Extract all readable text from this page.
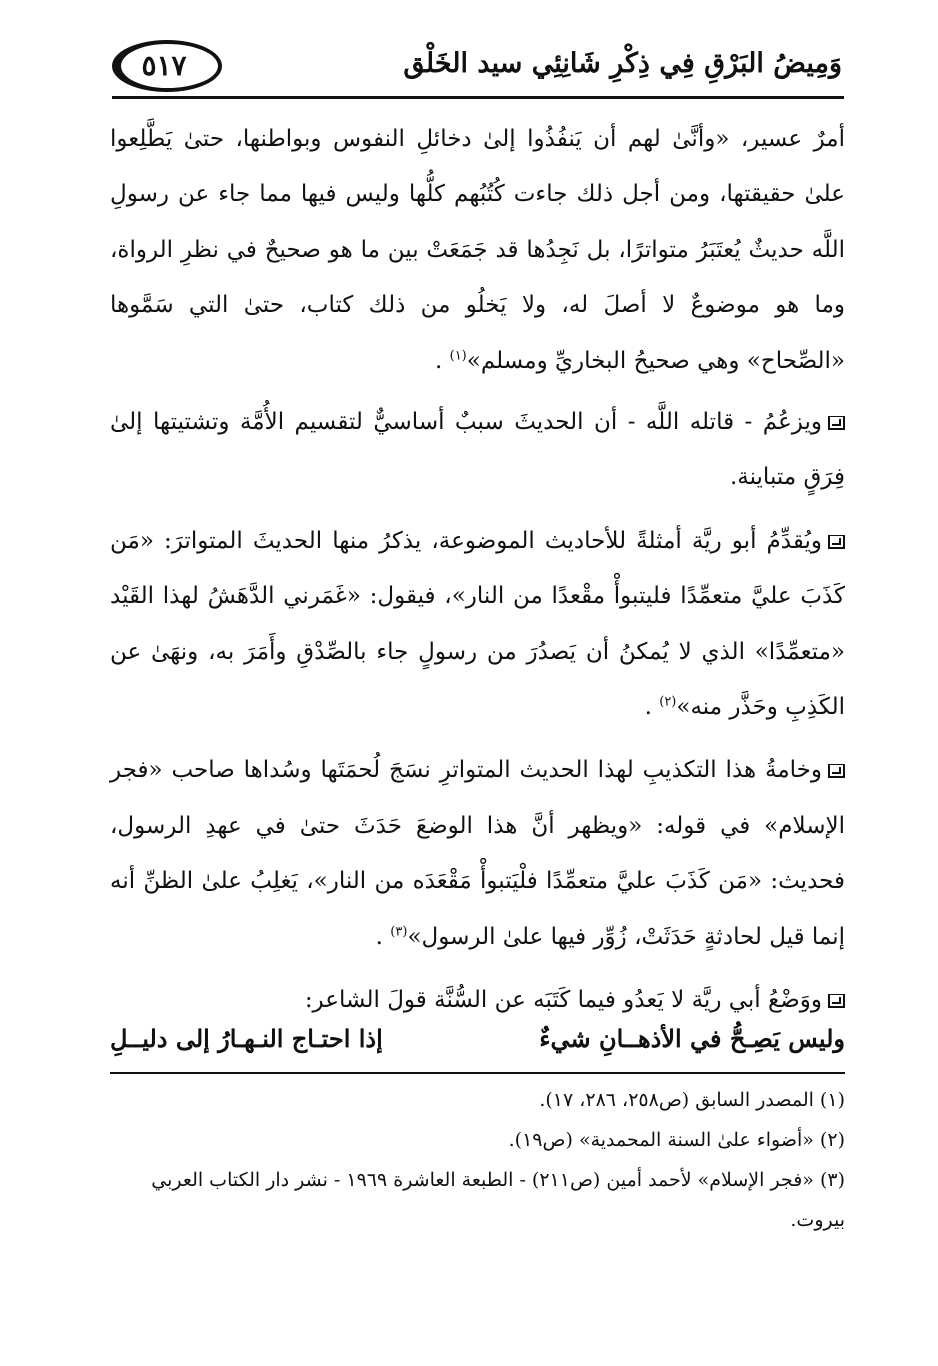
وَمِيضُ البَرْقِ فِي ذِكْرِ شَانِئِي سيد الخَلْق
٥١٧

أمرٌ عسير، «وأنَّىٰ لهم أن يَنفُذُوا إلىٰ دخائلِ النفوس وبواطنها، حتىٰ يَطَّلِعوا علىٰ حقيقتها، ومن أجل ذلك جاءت كُتُبُهم كلُّها وليس فيها مما جاء عن رسولِ اللَّه حديثٌ يُعتَبَرُ متواترًا، بل نَجِدُها قد جَمَعَتْ بين ما هو صحيحٌ في نظرِ الرواة، وما هو موضوعٌ لا أصلَ له، ولا يَخلُو من ذلك كتاب، حتىٰ التي سَمَّوها «الصِّحاح» وهي صحيحُ البخاريِّ ومسلم»$^{(١)}$ .

ويزعُمُ - قاتله اللَّه - أن الحديثَ سببٌ أساسيٌّ لتقسيم الأُمَّة وتشتيتها إلىٰ فِرَقٍ متباينة.

ويُقدِّمُ أبو ريَّة أمثلةً للأحاديث الموضوعة، يذكرُ منها الحديثَ المتواترَ: «مَن كَذَبَ عليَّ متعمِّدًا فليتبوأْ مقْعدًا من النار»، فيقول: «غَمَرني الدَّهَشُ لهذا القَيْد «متعمِّدًا» الذي لا يُمكنُ أن يَصدُرَ من رسولٍ جاء بالصِّدْقِ وأَمَرَ به، ونهَىٰ عن الكَذِبِ وحَذَّر منه»$^{(٢)}$ .

وخامةُ هذا التكذيبِ لهذا الحديث المتواترِ نسَجَ لُحمَتَها وسُداها صاحب «فجر الإسلام» في قوله: «ويظهر أنَّ هذا الوضعَ حَدَثَ حتىٰ في عهدِ الرسول، فحديث: «مَن كَذَبَ عليَّ متعمِّدًا فلْيَتبوأْ مَقْعَدَه من النار»، يَغلِبُ علىٰ الظنِّ أنه إنما قيل لحادثةٍ حَدَثَتْ، زُوِّر فيها علىٰ الرسول»$^{(٣)}$ .

ووَضْعُ أبي ريَّة لا يَعدُو فيما كَتَبَه عن السُّنَّة قولَ الشاعر:

وليس يَصِـحُّ في الأذهــانِ شيءٌ
إذا احتـاج النـهـارُ إلى دليــلِ

(١) المصدر السابق (ص٢٥٨، ٢٨٦، ١٧).

(٢) «أضواء علىٰ السنة المحمدية» (ص١٩).

(٣) «فجر الإسلام» لأحمد أمين (ص٢١١) - الطبعة العاشرة ١٩٦٩ - نشر دار الكتاب العربي بيروت.
